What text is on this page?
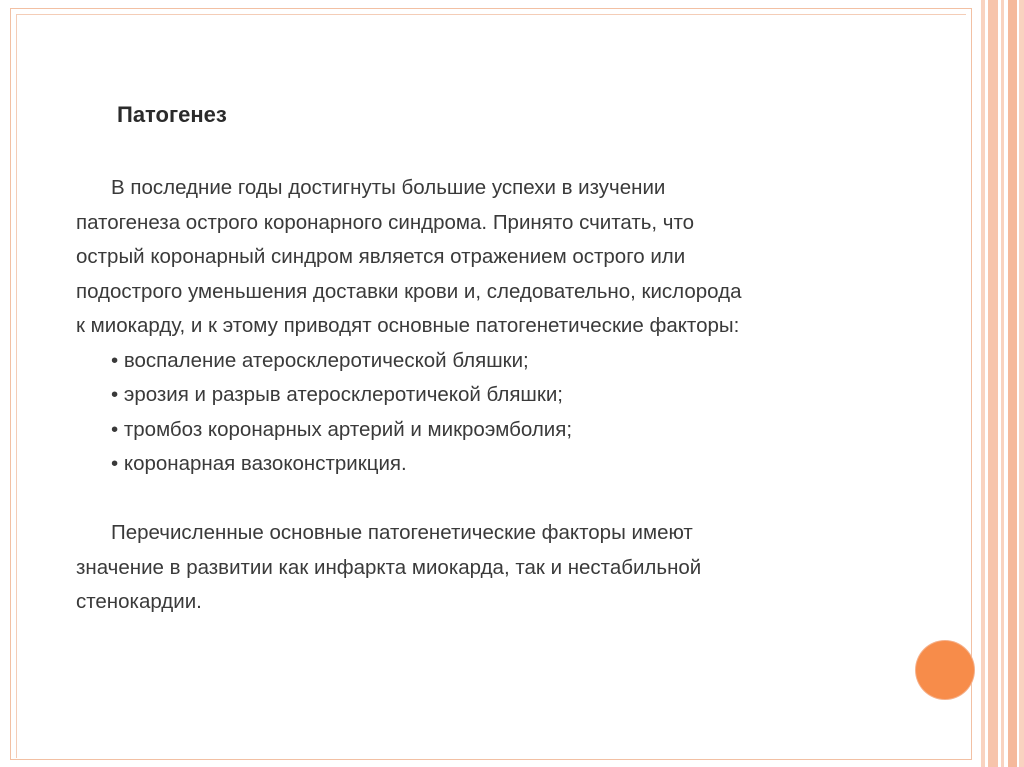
Патогенез

В последние годы достигнуты большие успехи в изучении

патогенеза острого коронарного синдрома. Принято считать, что

острый коронарный синдром является отражением острого или

подострого уменьшения доставки крови и, следовательно, кислорода

к миокарду, и к этому приводят основные патогенетические факторы:

• воспаление атеросклеротической бляшки;
• эрозия и разрыв атеросклеротичекой бляшки;
• тромбоз коронарных артерий и микроэмболия;
• коронарная вазоконстрикция.

Перечисленные основные патогенетические факторы имеют

значение в развитии как инфаркта миокарда, так и нестабильной

стенокардии.
